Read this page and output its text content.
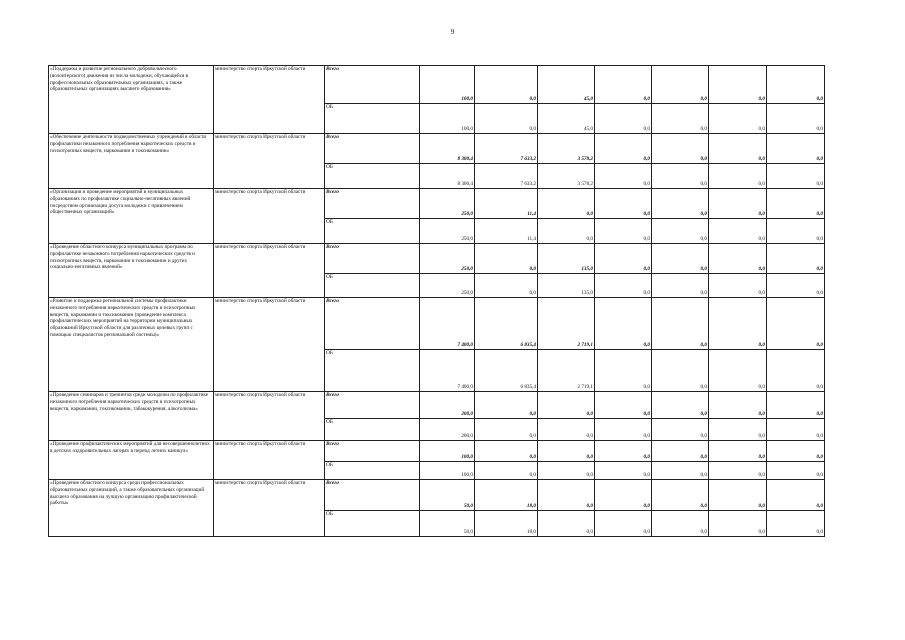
9
«Поддержка и развитие регионального добровольческого (волонтерского) движения из числа молодежи, обучающейся в профессиональных образовательных организациях, а также образовательных организациях высшего образования»	министерство спорта Иркутской области	Всего	100,0	0,0	45,0	0,0	0,0	0,0	0,0
		ОБ	100,0	0,0	45,0	0,0	0,0	0,0	0,0
«Обеспечение деятельности подведомственных учреждений в области профилактики незаконного потребления наркотических средств и психотропных веществ, наркомании и токсикомании»	министерство спорта Иркутской области	Всего	8 300,4	7 633,2	3 578,2	0,0	0,0	0,0	0,0
		ОБ	8 300,4	7 633,2	3 578,2	0,0	0,0	0,0	0,0
«Организация и проведение мероприятий в муниципальных образованиях по профилактике социально-негативных явлений посредством организации досуга молодежи с привлечением общественных организаций»	министерство спорта Иркутской области	Всего	250,0	11,4	0,0	0,0	0,0	0,0	0,0
		ОБ	250,0	11,4	0,0	0,0	0,0	0,0	0,0
«Проведение областного конкурса муниципальных программ по профилактике незаконного потребления наркотических средств и психотропных веществ, наркомании и токсикомании и других социально-негативных явлений»	министерство спорта Иркутской области	Всего	250,0	0,0	135,0	0,0	0,0	0,0	0,0
		ОБ	250,0	0,0	135,0	0,0	0,0	0,0	0,0
«Развитие и поддержка региональной системы профилактики незаконного потребления наркотических средств и психотропных веществ, наркомании и токсикомании (проведение комплекса профилактических мероприятий на территории муниципальных образований Иркутской области для различных целевых групп с помощью специалистов региональной системы)»	министерство спорта Иркутской области	Всего	7 400,0	6 835,4	2 719,1	0,0	0,0	0,0	0,0
		ОБ	7 400,0	6 835,4	2 719,1	0,0	0,0	0,0	0,0
«Проведение семинаров и тренингов среди молодежи по профилактике незаконного потребления наркотических средств и психотропных веществ, наркомании, токсикомании, табакокурения, алкоголизма»	министерство спорта Иркутской области	Всего	200,0	0,0	0,0	0,0	0,0	0,0	0,0
		ОБ	200,0	0,0	0,0	0,0	0,0	0,0	0,0
«Проведение профилактических мероприятий для несовершеннолетних в детских оздоровительных лагерях в период летних каникул»	министерство спорта Иркутской области	Всего	100,0	0,0	0,0	0,0	0,0	0,0	0,0
		ОБ	100,0	0,0	0,0	0,0	0,0	0,0	0,0
«Проведение областного конкурса среди профессиональных образовательных организаций, а также образовательных организаций высшего образования на лучшую организацию профилактической работы»	министерство спорта Иркутской области	Всего	50,0	18,0	0,0	0,0	0,0	0,0	0,0
		ОБ	50,0	18,0	0,0	0,0	0,0	0,0	0,0
